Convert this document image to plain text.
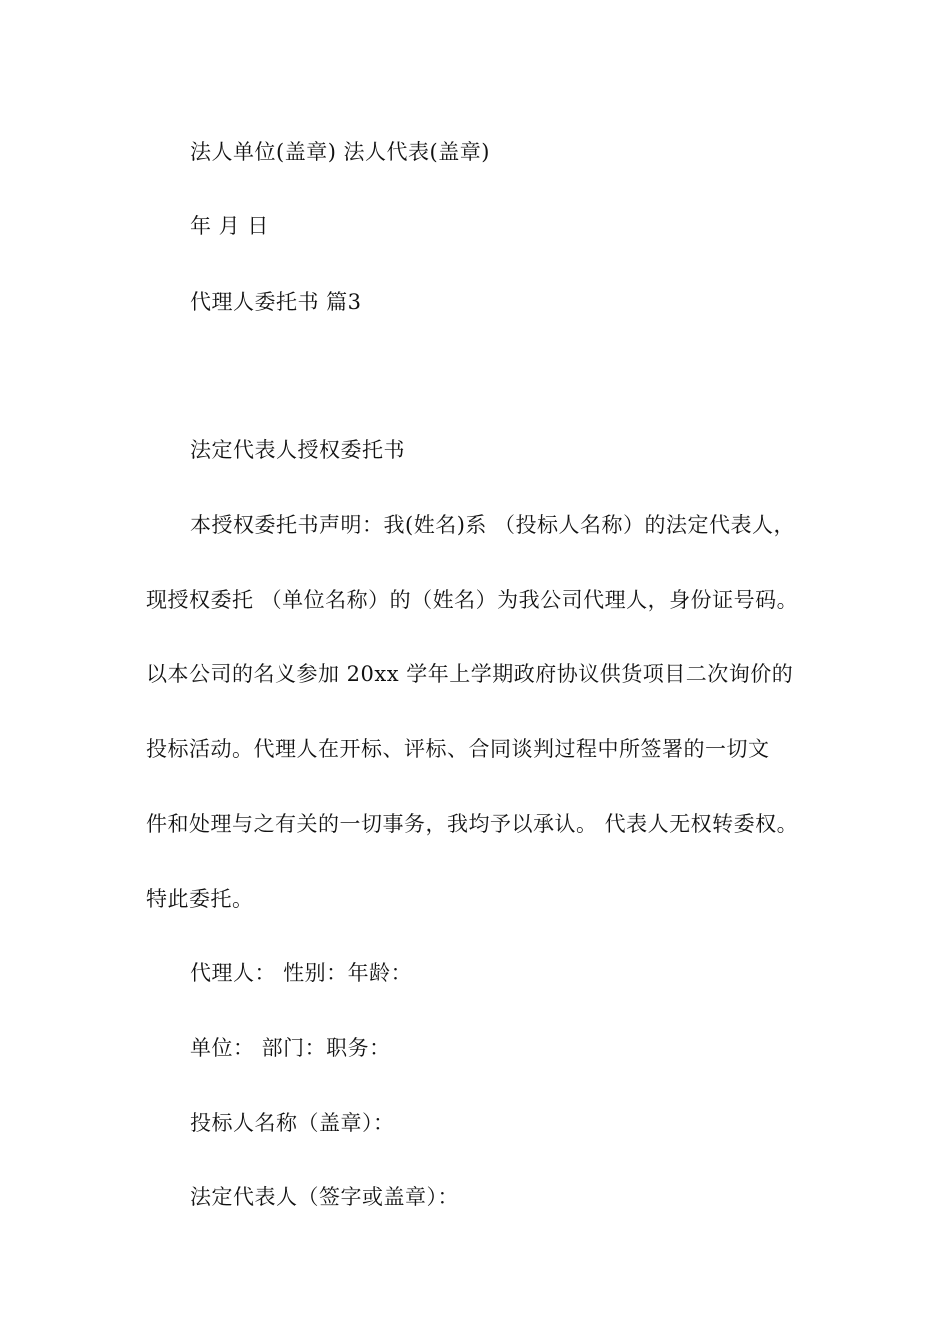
法人单位(盖章) 法人代表(盖章)
年 月 日
代理人委托书 篇3
法定代表人授权委托书
本授权委托书声明：我(姓名)系 （投标人名称）的法定代表人，
现授权委托 （单位名称）的（姓名）为我公司代理人，身份证号码。
以本公司的名义参加 20xx 学年上学期政府协议供货项目二次询价的
投标活动。代理人在开标、评标、合同谈判过程中所签署的一切文
件和处理与之有关的一切事务，我均予以承认。 代表人无权转委权。
特此委托。
代理人： 性别：年龄：
单位： 部门：职务：
投标人名称（盖章）：
法定代表人（签字或盖章）：
